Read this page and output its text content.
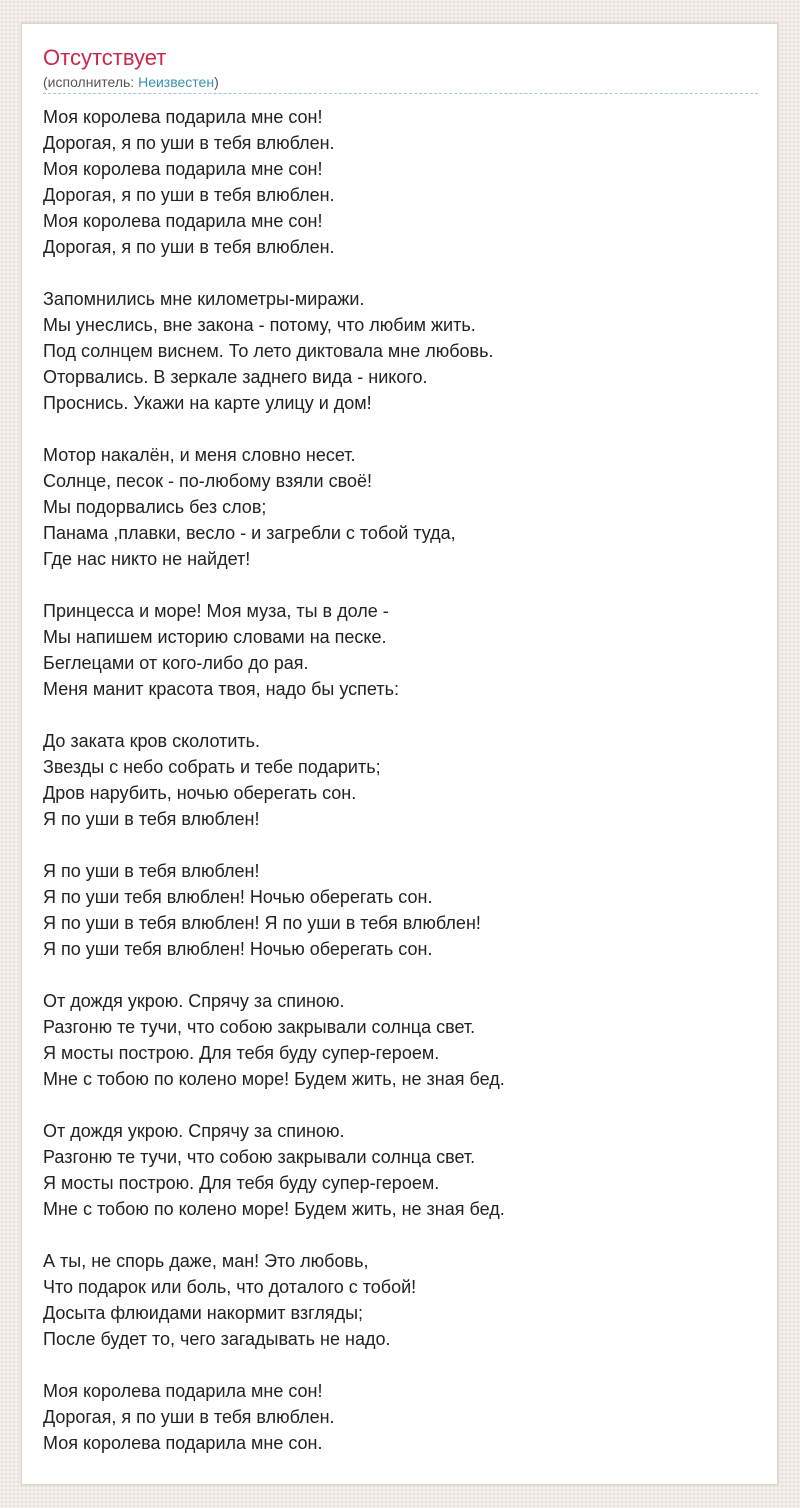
Отсутствует
(исполнитель: Неизвестен)
Моя королева подарила мне сон!
Дорогая, я по уши в тебя влюблен.
Моя королева подарила мне сон!
Дорогая, я по уши в тебя влюблен.
Моя королева подарила мне сон!
Дорогая, я по уши в тебя влюблен.
Запомнились мне километры-миражи.
Мы унеслись, вне закона - потому, что любим жить.
Под солнцем виснем. То лето диктовала мне любовь.
Оторвались. В зеркале заднего вида - никого.
Проснись. Укажи на карте улицу и дом!
Мотор накалён, и меня словно несет.
Солнце, песок - по-любому взяли своё!
Мы подорвались без слов;
Панама ,плавки, весло - и загребли с тобой туда,
Где нас никто не найдет!
Принцесса и море! Моя муза, ты в доле -
Мы напишем историю словами на песке.
Беглецами от кого-либо до рая.
Меня манит красота твоя, надо бы успеть:
До заката кров сколотить.
Звезды с небо собрать и тебе подарить;
Дров нарубить, ночью оберегать сон.
Я по уши в тебя влюблен!
Я по уши в тебя влюблен!
Я по уши тебя влюблен! Ночью оберегать сон.
Я по уши в тебя влюблен! Я по уши в тебя влюблен!
Я по уши тебя влюблен! Ночью оберегать сон.
От дождя укрою. Спрячу за спиною.
Разгоню те тучи, что собою закрывали солнца свет.
Я мосты построю. Для тебя буду супер-героем.
Мне с тобою по колено море! Будем жить, не зная бед.
От дождя укрою. Спрячу за спиною.
Разгоню те тучи, что собою закрывали солнца свет.
Я мосты построю. Для тебя буду супер-героем.
Мне с тобою по колено море! Будем жить, не зная бед.
А ты, не спорь даже, ман! Это любовь,
Что подарок или боль, что доталого с тобой!
Досыта флюидами накормит взгляды;
После будет то, чего загадывать не надо.
Моя королева подарила мне сон!
Дорогая, я по уши в тебя влюблен.
Моя королева подарила мне сон.
